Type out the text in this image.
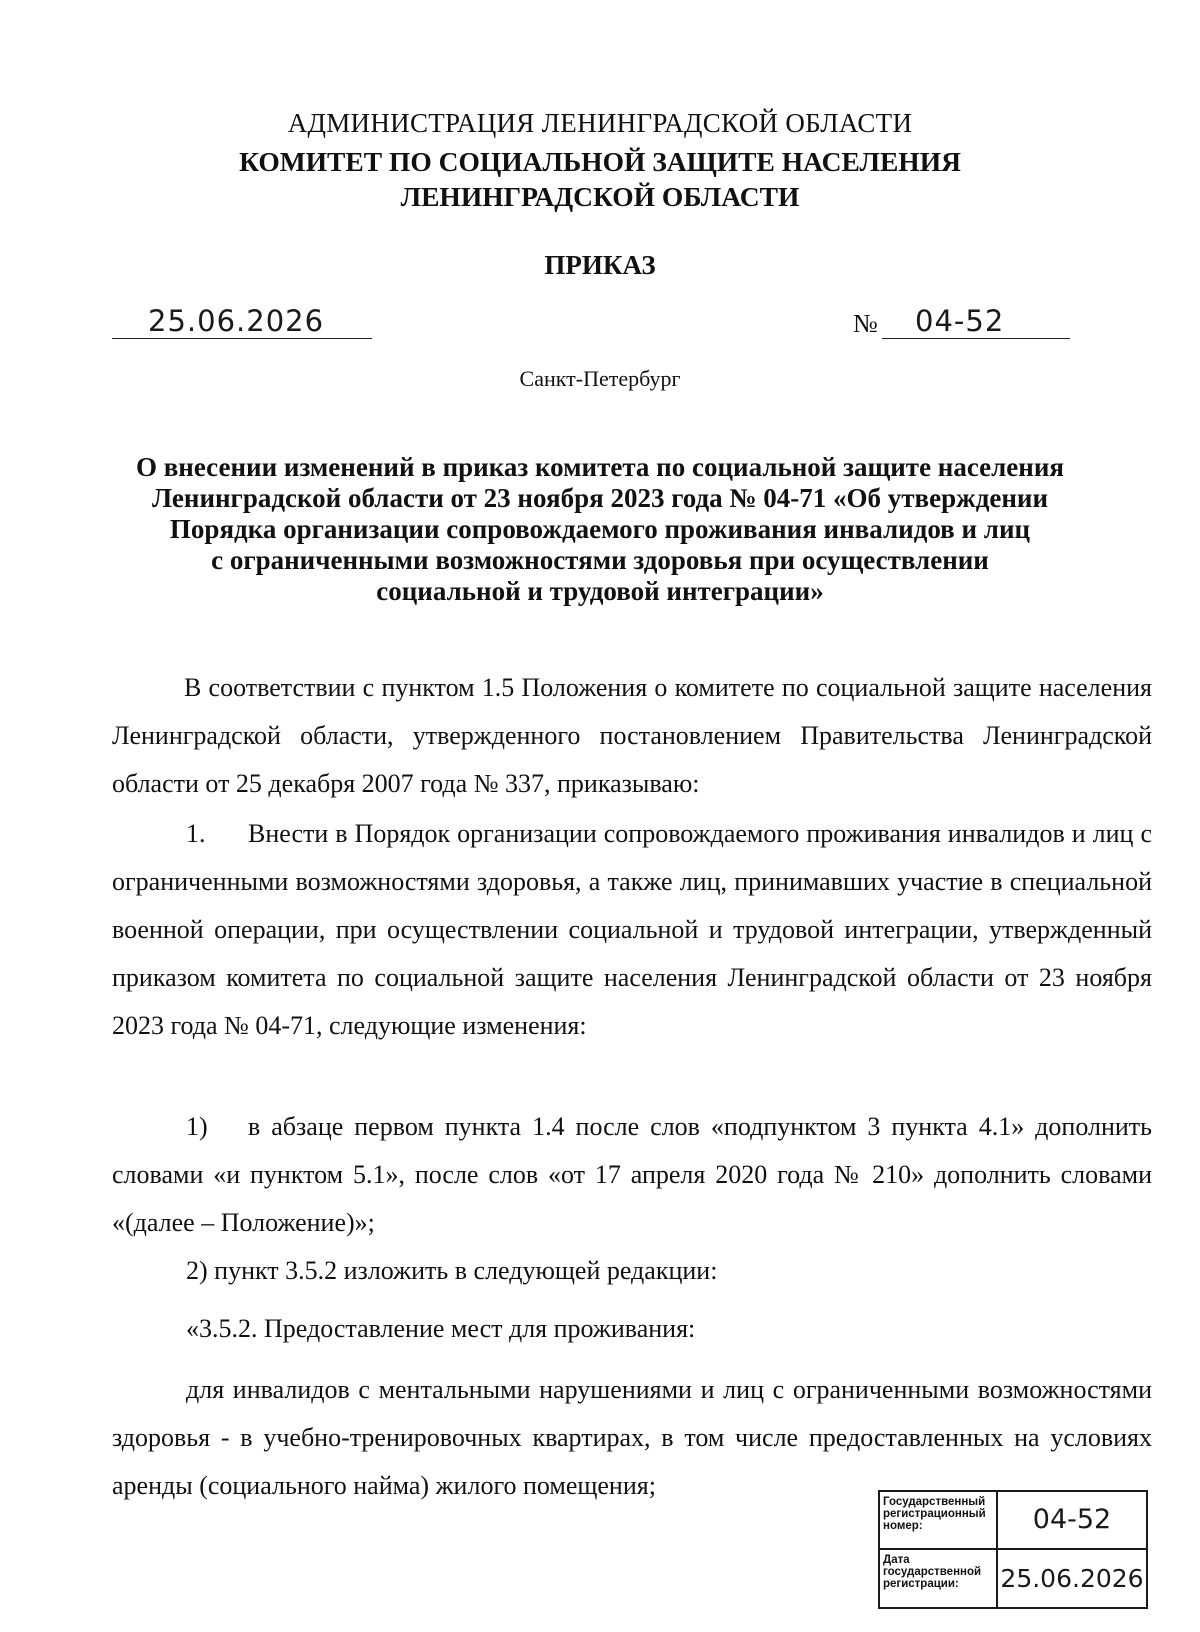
АДМИНИСТРАЦИЯ ЛЕНИНГРАДСКОЙ ОБЛАСТИ
КОМИТЕТ ПО СОЦИАЛЬНОЙ ЗАЩИТЕ НАСЕЛЕНИЯ
ЛЕНИНГРАДСКОЙ ОБЛАСТИ
ПРИКАЗ
25.06.2026	№ 04-52
Санкт-Петербург
О внесении изменений в приказ комитета по социальной защите населения
Ленинградской области от 23 ноября 2023 года № 04-71 «Об утверждении
Порядка организации сопровождаемого проживания инвалидов и лиц
с ограниченными возможностями здоровья при осуществлении
социальной и трудовой интеграции»
В соответствии с пунктом 1.5 Положения о комитете по социальной защите населения Ленинградской области, утвержденного постановлением Правительства Ленинградской области от 25 декабря 2007 года № 337, приказываю:
Внести в Порядок организации сопровождаемого проживания инвалидов и лиц с ограниченными возможностями здоровья, а также лиц, принимавших участие в специальной военной операции, при осуществлении социальной и трудовой интеграции, утвержденный приказом комитета по социальной защите населения Ленинградской области от 23 ноября 2023 года № 04-71, следующие изменения:
1.
в абзаце первом пункта 1.4 после слов «подпунктом 3 пункта 4.1» дополнить словами «и пунктом 5.1», после слов «от 17 апреля 2020 года № 210» дополнить словами «(далее – Положение)»;
1)
2) пункт 3.5.2 изложить в следующей редакции:
«3.5.2. Предоставление мест для проживания:
для инвалидов с ментальными нарушениями и лиц с ограниченными возможностями здоровья - в учебно-тренировочных квартирах, в том числе предоставленных на условиях аренды (социального найма) жилого помещения;
Государственный регистрационный номер:	04-52
Дата государственной регистрации:	25.06.2026
